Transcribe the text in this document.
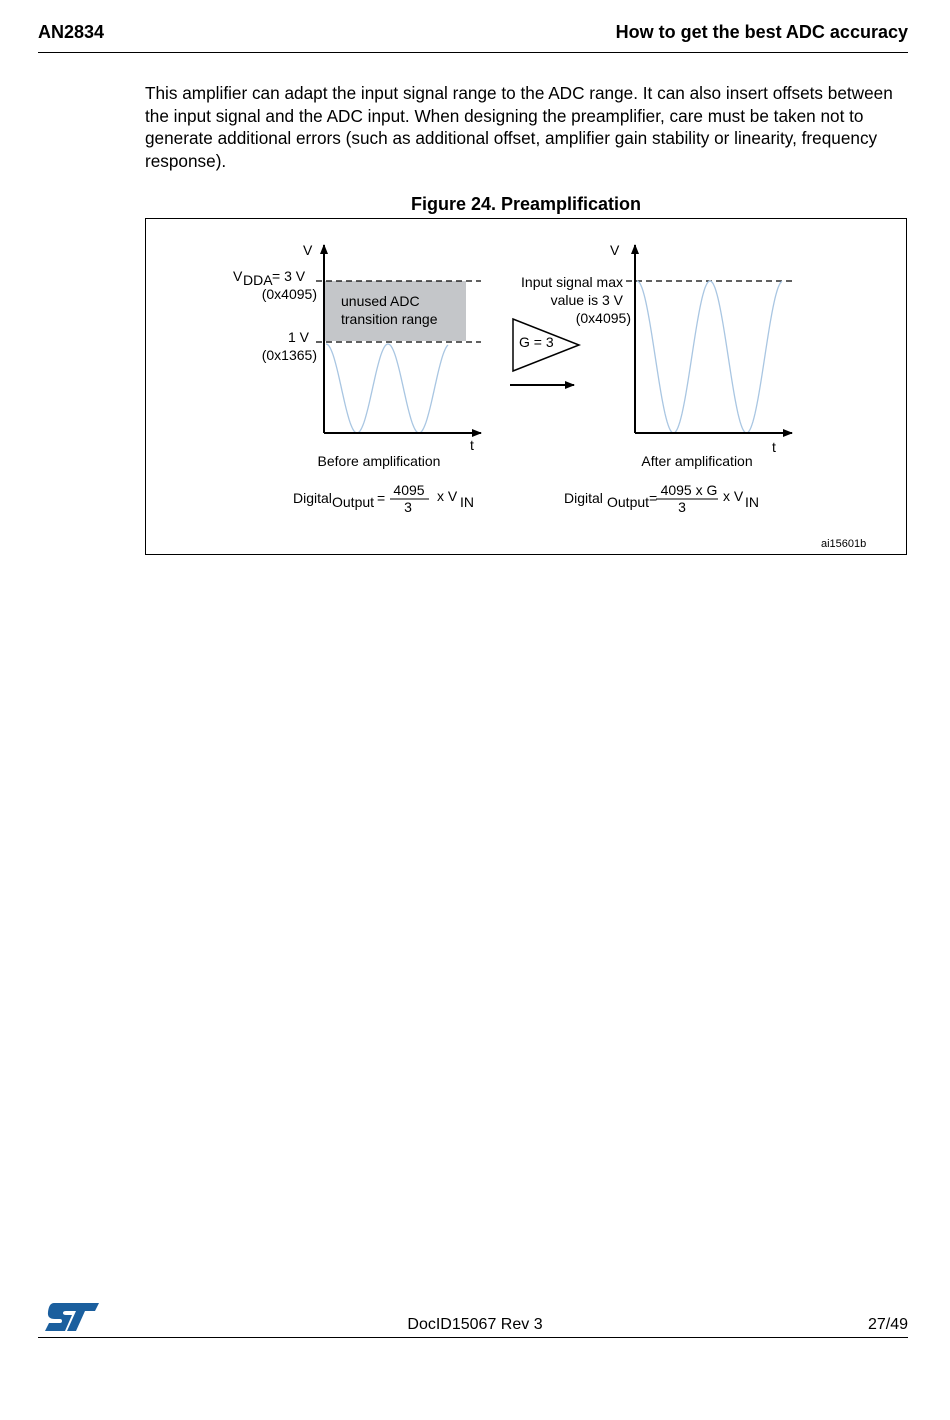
AN2834	How to get the best ADC accuracy

This amplifier can adapt the input signal range to the ADC range. It can also insert offsets between the input signal and the ADC input. When designing the preamplifier, care must be taken not to generate additional errors (such as additional offset, amplifier gain stability or linearity, frequency response).

Figure 24. Preamplification
unused ADC
transition range
V
t
V DDA = 3 V
(0x4095)
1 V
(0x1365)
Before amplification
Digital Output = 4095
3
x V IN
G = 3
V
t
Input signal max
value is 3 V
(0x4095)
After amplification
Digital Output = 4095 x G
3
x V IN
ai15601b
DocID15067 Rev 3	27/49
